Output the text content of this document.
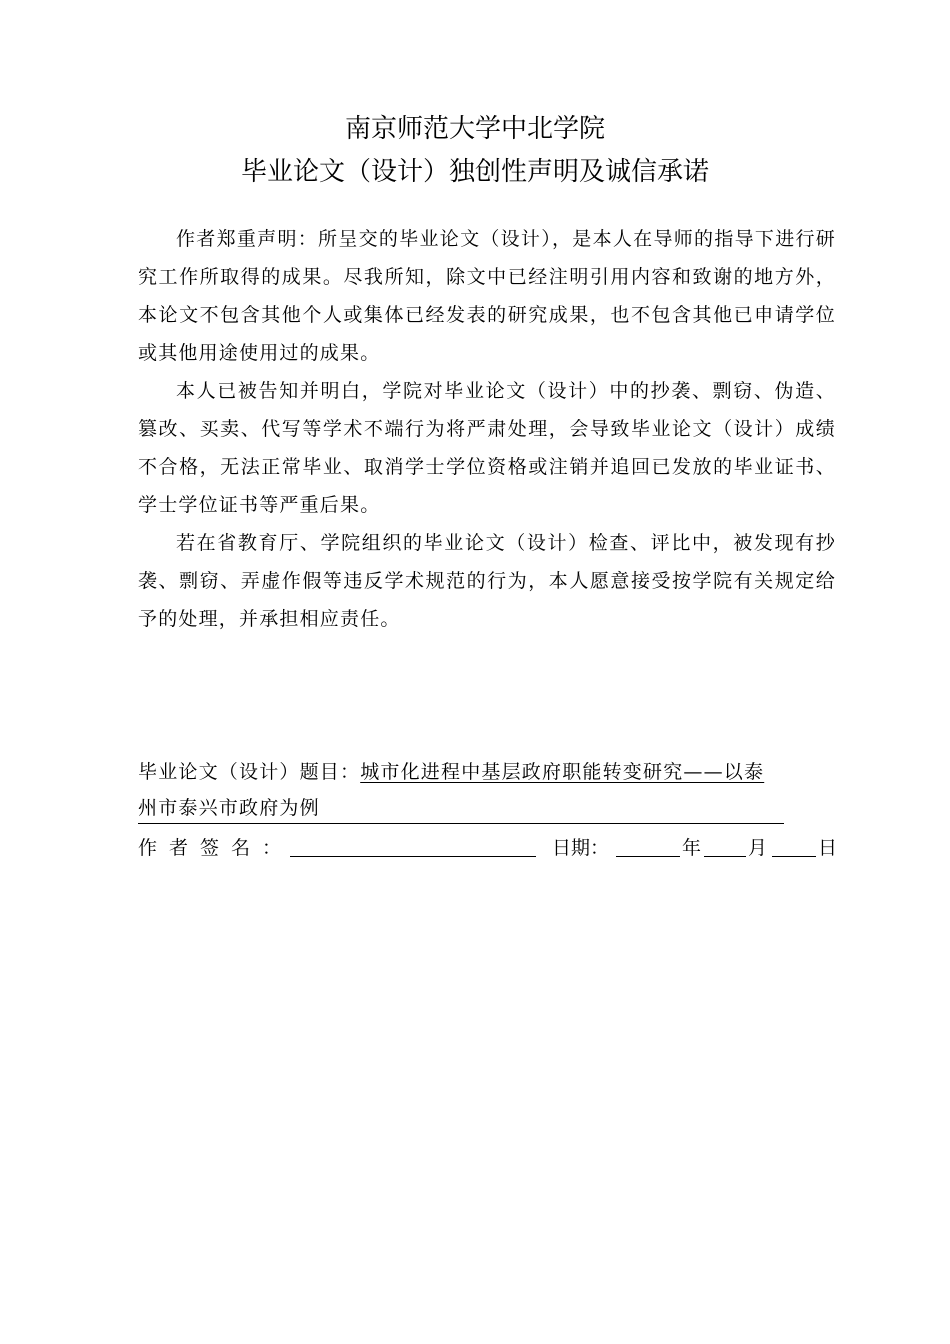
南京师范大学中北学院
毕业论文（设计）独创性声明及诚信承诺

作者郑重声明：所呈交的毕业论文（设计），是本人在导师的指导下进行研究工作所取得的成果。尽我所知，除文中已经注明引用内容和致谢的地方外，本论文不包含其他个人或集体已经发表的研究成果，也不包含其他已申请学位或其他用途使用过的成果。

本人已被告知并明白，学院对毕业论文（设计）中的抄袭、剽窃、伪造、篡改、买卖、代写等学术不端行为将严肃处理，会导致毕业论文（设计）成绩不合格，无法正常毕业、取消学士学位资格或注销并追回已发放的毕业证书、学士学位证书等严重后果。

若在省教育厅、学院组织的毕业论文（设计）检查、评比中，被发现有抄袭、剽窃、弄虚作假等违反学术规范的行为，本人愿意接受按学院有关规定给予的处理，并承担相应责任。

毕业论文（设计）题目：城市化进程中基层政府职能转变研究——以泰
州市泰兴市政府为例
作者签名：	日期：	年 月	日
